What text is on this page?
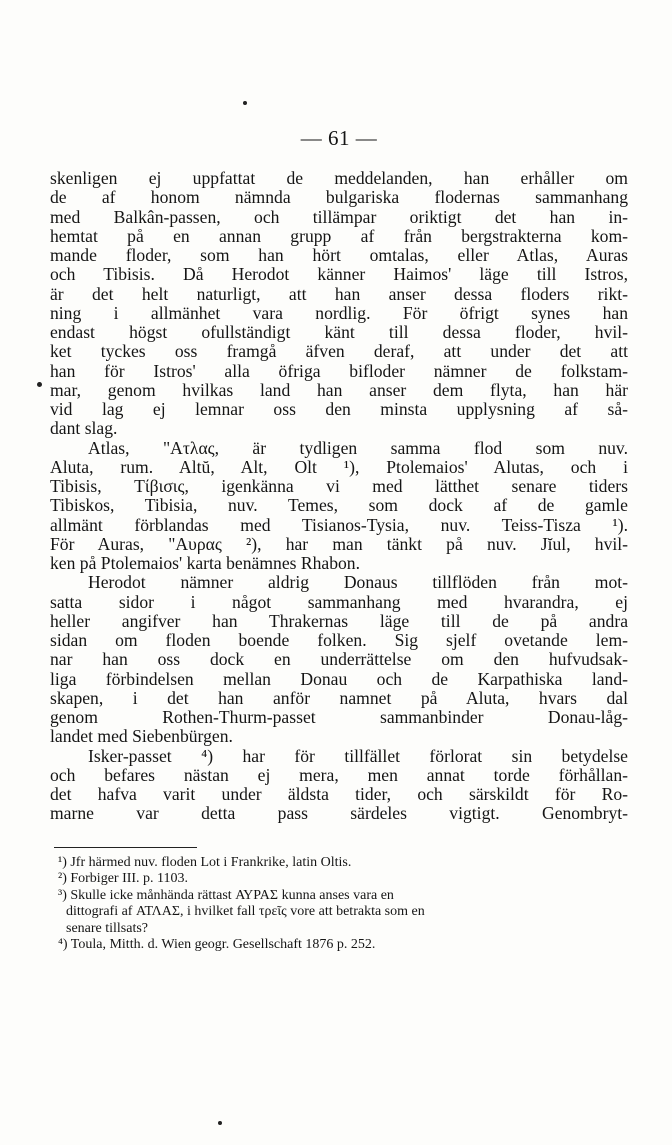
— 61 —
skenligen ej uppfattat de meddelanden, han erhåller om
de af honom nämnda bulgariska flodernas sammanhang
med Balkân-passen, och tillämpar oriktigt det han in-
hemtat på en annan grupp af från bergstrakterna kom-
mande floder, som han hört omtalas, eller Atlas, Auras
och Tibisis. Då Herodot känner Haimos' läge till Istros,
är det helt naturligt, att han anser dessa floders rikt-
ning i allmänhet vara nordlig. För öfrigt synes han
endast högst ofullständigt känt till dessa floder, hvil-
ket tyckes oss framgå äfven deraf, att under det att
han för Istros' alla öfriga bifloder nämner de folkstam-
mar, genom hvilkas land han anser dem flyta, han här
vid lag ej lemnar oss den minsta upplysning af så-
dant slag.
Atlas, "Ατλας, är tydligen samma flod som nuv.
Aluta, rum. Altŭ, Alt, Olt ¹), Ptolemaios' Alutas, och i
Tibisis, Τίβισις, igenkänna vi med lätthet senare tiders
Tibiskos, Tibisia, nuv. Temes, som dock af de gamle
allmänt förblandas med Tisianos-Tysia, nuv. Teiss-Tisza ¹).
För Auras, "Αυρας ²), har man tänkt på nuv. Jĭul, hvil-
ken på Ptolemaios' karta benämnes Rhabon.
Herodot nämner aldrig Donaus tillflöden från mot-
satta sidor i något sammanhang med hvarandra, ej
heller angifver han Thrakernas läge till de på andra
sidan om floden boende folken. Sig sjelf ovetande lem-
nar han oss dock en underrättelse om den hufvudsak-
liga förbindelsen mellan Donau och de Karpathiska land-
skapen, i det han anför namnet på Aluta, hvars dal
genom Rothen-Thurm-passet sammanbinder Donau-låg-
landet med Siebenbürgen.
Isker-passet ⁴) har för tillfället förlorat sin betydelse
och befares nästan ej mera, men annat torde förhållan-
det hafva varit under äldsta tider, och särskildt för Ro-
marne var detta pass särdeles vigtigt. Genombryt-
¹) Jfr härmed nuv. floden Lot i Frankrike, latin Oltis.
²) Forbiger III. p. 1103.
³) Skulle icke månhända rättast ΑΥΡΑΣ kunna anses vara en
dittografi af ΑΤΛΑΣ, i hvilket fall τρεῖς vore att betrakta som en
senare tillsats?
⁴) Toula, Mitth. d. Wien geogr. Gesellschaft 1876 p. 252.
